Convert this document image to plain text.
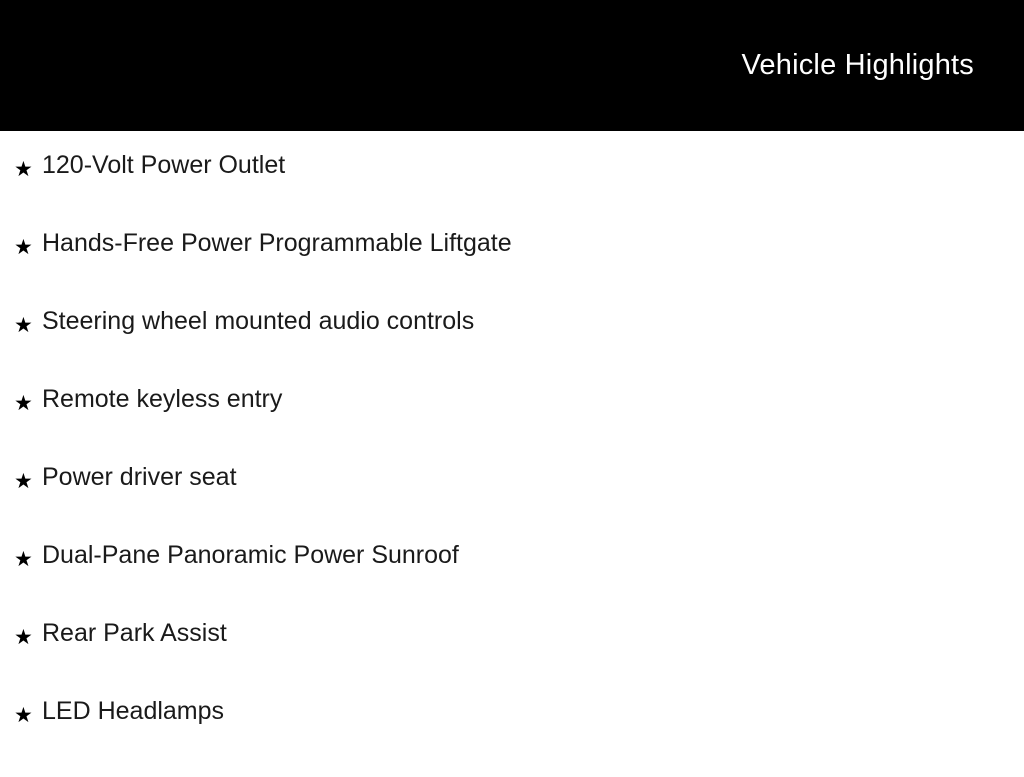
Vehicle Highlights
★ 120-Volt Power Outlet
★ Hands-Free Power Programmable Liftgate
★ Steering wheel mounted audio controls
★ Remote keyless entry
★ Power driver seat
★ Dual-Pane Panoramic Power Sunroof
★ Rear Park Assist
★ LED Headlamps
